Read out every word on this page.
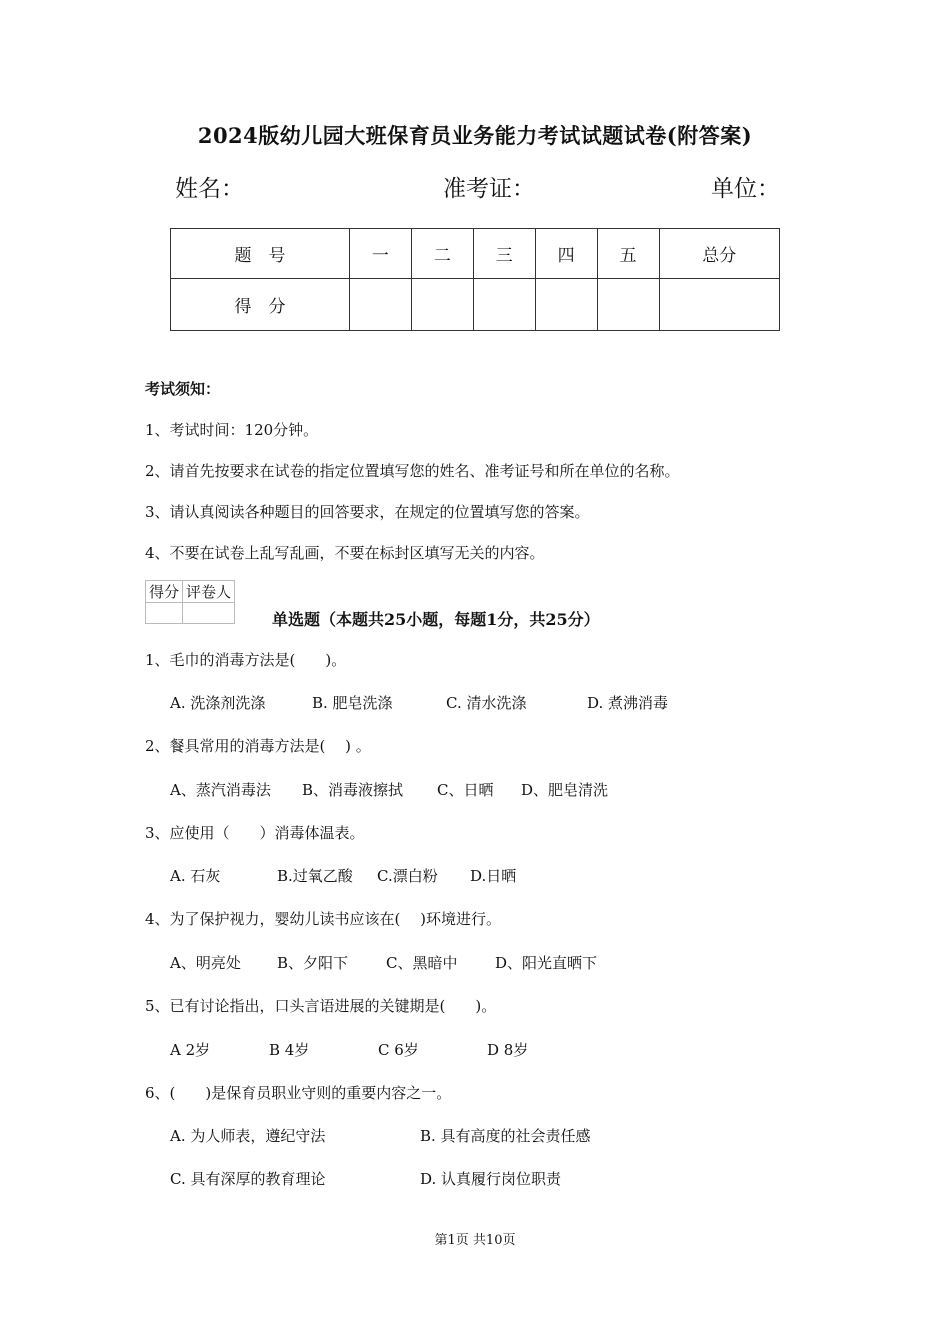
2024版幼儿园大班保育员业务能力考试试题试卷(附答案)
姓名：	准考证：	单位：
题　号	一	二	三	四	五	总分
得　分						
考试须知：
1、考试时间：120分钟。
2、请首先按要求在试卷的指定位置填写您的姓名、准考证号和所在单位的名称。
3、请认真阅读各种题目的回答要求，在规定的位置填写您的答案。
4、不要在试卷上乱写乱画，不要在标封区填写无关的内容。
得分	评卷人

单选题（本题共25小题，每题1分，共25分）
1、毛巾的消毒方法是(　　)。
A. 洗涤剂洗涤	B. 肥皂洗涤	C. 清水洗涤	D. 煮沸消毒
2、餐具常用的消毒方法是(　 ) 。
A、蒸汽消毒法 B、消毒液擦拭 C、日晒 D、肥皂清洗
3、应使用（　　）消毒体温表。
A. 石灰	B.过氧乙酸 C.漂白粉 D.日晒
4、为了保护视力，婴幼儿读书应该在(　 )环境进行。
A、明亮处 B、夕阳下	C、黑暗中	D、阳光直晒下
5、已有讨论指出，口头言语进展的关键期是(　　)。
A 2岁	B 4岁	C 6岁	D 8岁
6、(　　)是保育员职业守则的重要内容之一。
A. 为人师表，遵纪守法	B. 具有高度的社会责任感
C. 具有深厚的教育理论	D. 认真履行岗位职责
第1页 共10页
